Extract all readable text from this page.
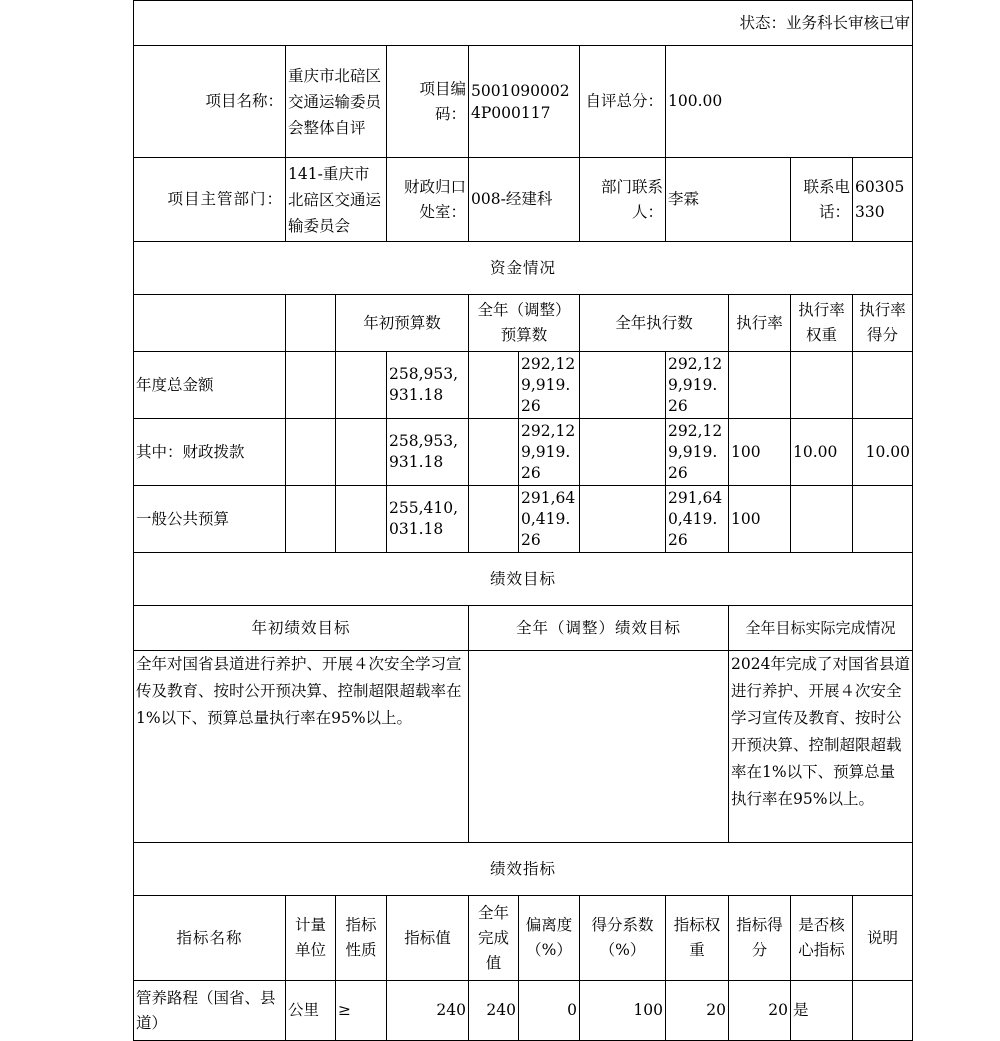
状态：业务科长审核已审										
项目名称：	重庆市北碚区交通运输委员会整体自评		项目编码：	50010900024P000117		自评总分：	100.00			
项目主管部门：	141-重庆市北碚区交通运输委员会		财政归口处室：	008-经建科		部门联系人：	李霖		联系电话：	60305330
资金情况										
		年初预算数		全年（调整）预算数		全年执行数		执行率	执行率权重	执行率得分
年度总金额			258,953,931.18		292,129,919.26		292,129,919.26			
其中：财政拨款			258,953,931.18		292,129,919.26		292,129,919.26	100	10.00	10.00
一般公共预算			255,410,031.18		291,640,419.26		291,640,419.26	100		
绩效目标										
年初绩效目标				全年（调整）绩效目标				全年目标实际完成情况		
全年对国省县道进行养护、开展４次安全学习宣传及教育、按时公开预决算、控制超限超载率在1%以下、预算总量执行率在95%以上。								2024年完成了对国省县道进行养护、开展４次安全学习宣传及教育、按时公开预决算、控制超限超载率在1%以下、预算总量执行率在95%以上。		
绩效指标										
指标名称	计量单位	指标性质	指标值	全年完成值	偏离度（%）	得分系数（%）	指标权重	指标得分	是否核心指标	说明
管养路程（国省、县道）	公里	≥	240	240	0	100	20	20	是	
